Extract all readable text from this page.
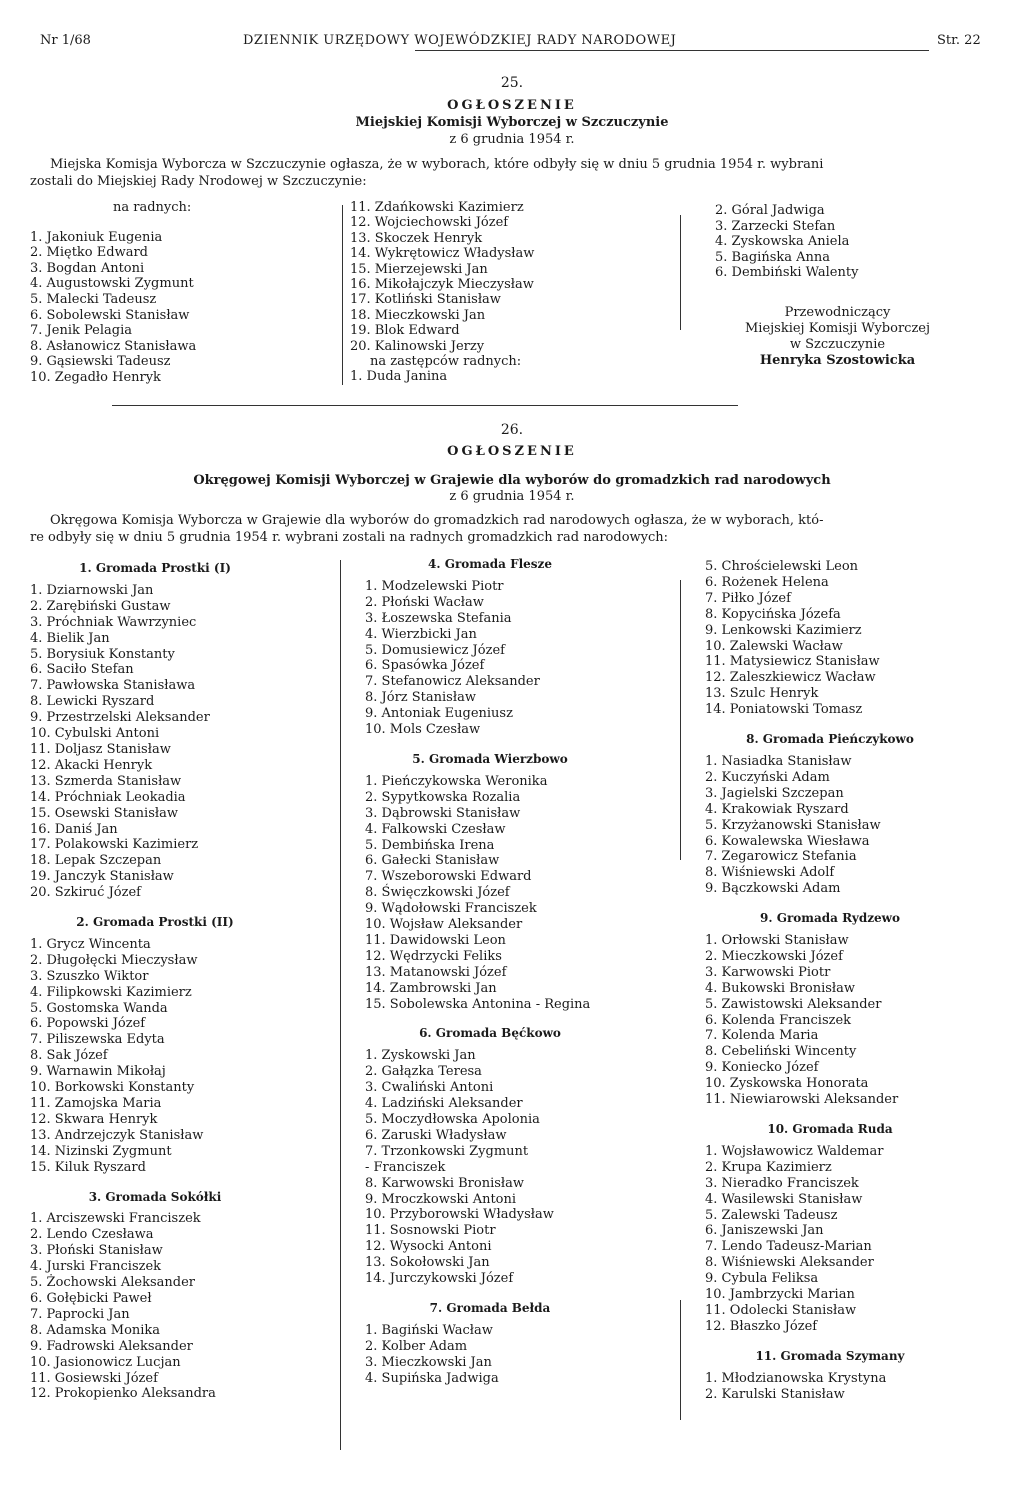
Nr 1/68	DZIENNIK URZĘDOWY WOJEWÓDZKIEJ RADY NARODOWEJ	Str. 22
25.
OGŁOSZENIE
Miejskiej Komisji Wyborczej w Szczuczynie
z 6 grudnia 1954 r.
Miejska Komisja Wyborcza w Szczuczynie ogłasza, że w wyborach, które odbyły się w dniu 5 grudnia 1954 r. wybrani
zostali do Miejskiej Rady Nrodowej w Szczuczynie:
na radnych:
1. Jakoniuk Eugenia
2. Miętko Edward
3. Bogdan Antoni
4. Augustowski Zygmunt
5. Malecki Tadeusz
6. Sobolewski Stanisław
7. Jenik Pelagia
8. Asłanowicz Stanisława
9. Gąsiewski Tadeusz
10. Zegadło Henryk
11. Zdańkowski Kazimierz
12. Wojciechowski Józef
13. Skoczek Henryk
14. Wykrętowicz Władysław
15. Mierzejewski Jan
16. Mikołajczyk Mieczysław
17. Kotliński Stanisław
18. Mieczkowski Jan
19. Blok Edward
20. Kalinowski Jerzy
na zastępców radnych:
1. Duda Janina
2. Góral Jadwiga
3. Zarzecki Stefan
4. Zyskowska Aniela
5. Bagińska Anna
6. Dembiński Walenty
Przewodniczący
Miejskiej Komisji Wyborczej
w Szczuczynie
Henryka Szostowicka
26.
OGŁOSZENIE
Okręgowej Komisji Wyborczej w Grajewie dla wyborów do gromadzkich rad narodowych
z 6 grudnia 1954 r.
Okręgowa Komisja Wyborcza w Grajewie dla wyborów do gromadzkich rad narodowych ogłasza, że w wyborach, któ-
re odbyły się w dniu 5 grudnia 1954 r. wybrani zostali na radnych gromadzkich rad narodowych:
1. Gromada Prostki (I)
1. Dziarnowski Jan
2. Zarębiński Gustaw
3. Próchniak Wawrzyniec
4. Bielik Jan
5. Borysiuk Konstanty
6. Saciło Stefan
7. Pawłowska Stanisława
8. Lewicki Ryszard
9. Przestrzelski Aleksander
10. Cybulski Antoni
11. Doljasz Stanisław
12. Akacki Henryk
13. Szmerda Stanisław
14. Próchniak Leokadia
15. Osewski Stanisław
16. Daniś Jan
17. Polakowski Kazimierz
18. Lepak Szczepan
19. Janczyk Stanisław
20. Szkiruć Józef
2. Gromada Prostki (II)
1. Grycz Wincenta
2. Długołęcki Mieczysław
3. Szuszko Wiktor
4. Filipkowski Kazimierz
5. Gostomska Wanda
6. Popowski Józef
7. Piliszewska Edyta
8. Sak Józef
9. Warnawin Mikołaj
10. Borkowski Konstanty
11. Zamojska Maria
12. Skwara Henryk
13. Andrzejczyk Stanisław
14. Nizinski Zygmunt
15. Kiluk Ryszard
3. Gromada Sokółki
1. Arciszewski Franciszek
2. Lendo Czesława
3. Płoński Stanisław
4. Jurski Franciszek
5. Żochowski Aleksander
6. Gołębicki Paweł
7. Paprocki Jan
8. Adamska Monika
9. Fadrowski Aleksander
10. Jasionowicz Lucjan
11. Gosiewski Józef
12. Prokopienko Aleksandra
4. Gromada Flesze
1. Modzelewski Piotr
2. Płoński Wacław
3. Łoszewska Stefania
4. Wierzbicki Jan
5. Domusiewicz Józef
6. Spasówka Józef
7. Stefanowicz Aleksander
8. Jórz Stanisław
9. Antoniak Eugeniusz
10. Mols Czesław
5. Gromada Wierzbowo
1. Pieńczykowska Weronika
2. Sypytkowska Rozalia
3. Dąbrowski Stanisław
4. Falkowski Czesław
5. Dembińska Irena
6. Gałecki Stanisław
7. Wszeborowski Edward
8. Święczkowski Józef
9. Wądołowski Franciszek
10. Wojsław Aleksander
11. Dawidowski Leon
12. Wędrzycki Feliks
13. Matanowski Józef
14. Zambrowski Jan
15. Sobolewska Antonina - Regina
6. Gromada Bęćkowo
1. Zyskowski Jan
2. Gałązka Teresa
3. Cwaliński Antoni
4. Ladziński Aleksander
5. Moczydłowska Apolonia
6. Zaruski Władysław
7. Trzonkowski Zygmunt
- Franciszek
8. Karwowski Bronisław
9. Mroczkowski Antoni
10. Przyborowski Władysław
11. Sosnowski Piotr
12. Wysocki Antoni
13. Sokołowski Jan
14. Jurczykowski Józef
7. Gromada Bełda
1. Bagiński Wacław
2. Kolber Adam
3. Mieczkowski Jan
4. Supińska Jadwiga
5. Chrościelewski Leon
6. Rożenek Helena
7. Piłko Józef
8. Kopycińska Józefa
9. Lenkowski Kazimierz
10. Zalewski Wacław
11. Matysiewicz Stanisław
12. Zaleszkiewicz Wacław
13. Szulc Henryk
14. Poniatowski Tomasz
8. Gromada Pieńczykowo
1. Nasiadka Stanisław
2. Kuczyński Adam
3. Jagielski Szczepan
4. Krakowiak Ryszard
5. Krzyżanowski Stanisław
6. Kowalewska Wiesława
7. Zegarowicz Stefania
8. Wiśniewski Adolf
9. Bączkowski Adam
9. Gromada Rydzewo
1. Orłowski Stanisław
2. Mieczkowski Józef
3. Karwowski Piotr
4. Bukowski Bronisław
5. Zawistowski Aleksander
6. Kolenda Franciszek
7. Kolenda Maria
8. Cebeliński Wincenty
9. Koniecko Józef
10. Zyskowska Honorata
11. Niewiarowski Aleksander
10. Gromada Ruda
1. Wojsławowicz Waldemar
2. Krupa Kazimierz
3. Nieradko Franciszek
4. Wasilewski Stanisław
5. Zalewski Tadeusz
6. Janiszewski Jan
7. Lendo Tadeusz-Marian
8. Wiśniewski Aleksander
9. Cybula Feliksa
10. Jambrzycki Marian
11. Odolecki Stanisław
12. Błaszko Józef
11. Gromada Szymany
1. Młodzianowska Krystyna
2. Karulski Stanisław
